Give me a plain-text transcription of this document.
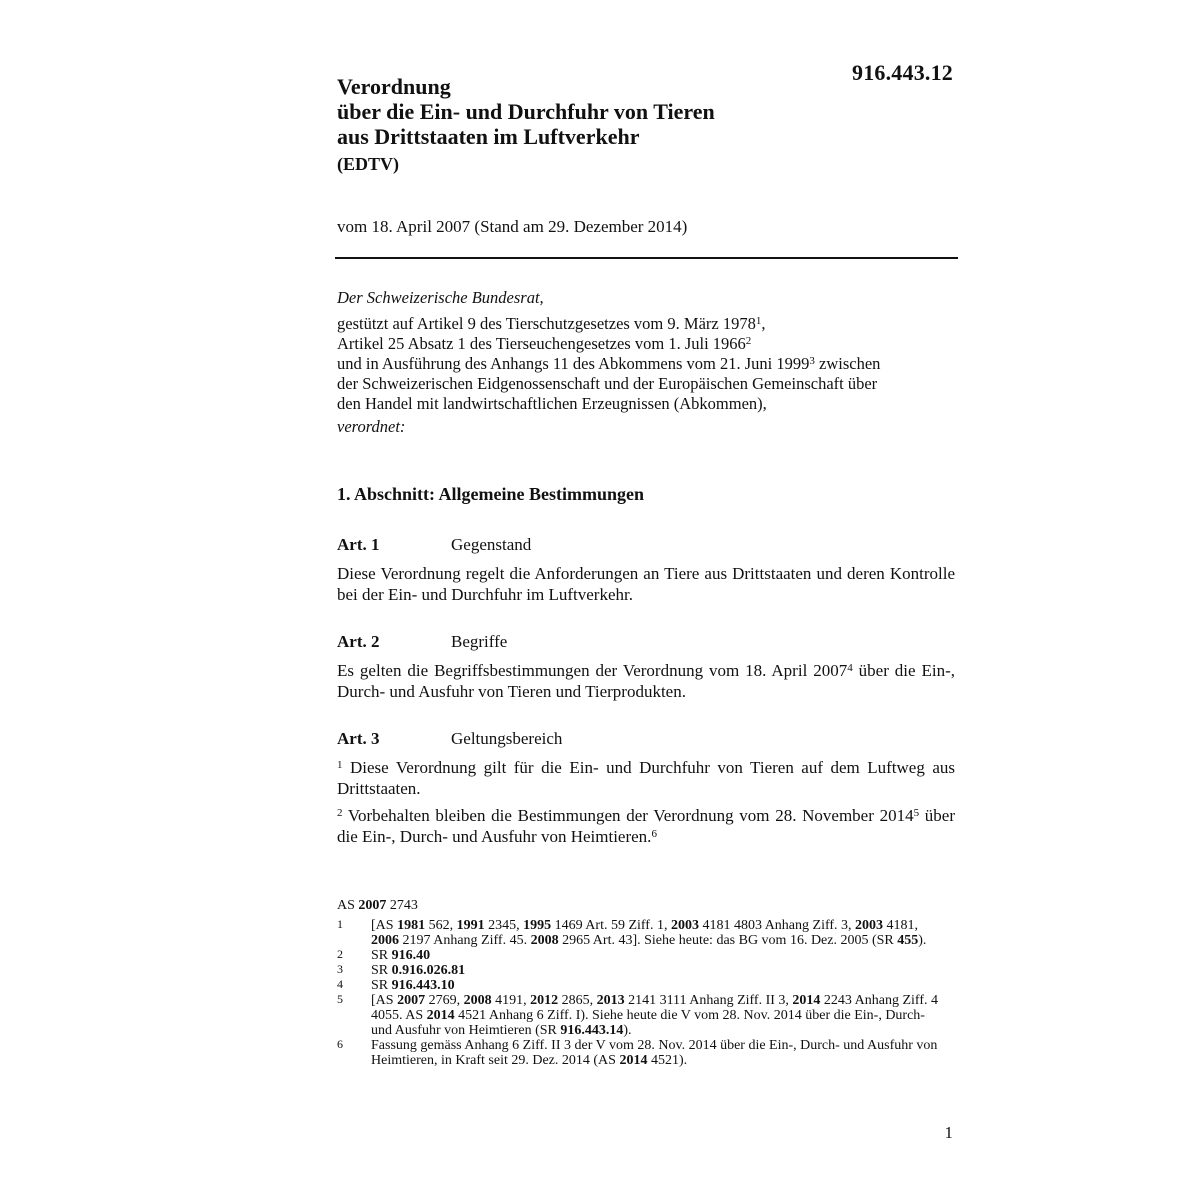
916.443.12
Verordnung
über die Ein- und Durchfuhr von Tieren
aus Drittstaaten im Luftverkehr
(EDTV)
vom 18. April 2007 (Stand am 29. Dezember 2014)
Der Schweizerische Bundesrat,
gestützt auf Artikel 9 des Tierschutzgesetzes vom 9. März 1978$^1$,
Artikel 25 Absatz 1 des Tierseuchengesetzes vom 1. Juli 1966$^2$
und in Ausführung des Anhangs 11 des Abkommens vom 21. Juni 1999$^3$ zwischen
der Schweizerischen Eidgenossenschaft und der Europäischen Gemeinschaft über
den Handel mit landwirtschaftlichen Erzeugnissen (Abkommen),
verordnet:
1. Abschnitt: Allgemeine Bestimmungen
Art. 1	Gegenstand
Diese Verordnung regelt die Anforderungen an Tiere aus Drittstaaten und deren Kontrolle bei der Ein- und Durchfuhr im Luftverkehr.
Art. 2	Begriffe
Es gelten die Begriffsbestimmungen der Verordnung vom 18. April 2007$^4$ über die Ein-, Durch- und Ausfuhr von Tieren und Tierprodukten.
Art. 3	Geltungsbereich
$^1$ Diese Verordnung gilt für die Ein- und Durchfuhr von Tieren auf dem Luftweg aus Drittstaaten.
$^2$ Vorbehalten bleiben die Bestimmungen der Verordnung vom 28. November 2014$^5$ über die Ein-, Durch- und Ausfuhr von Heimtieren.$^6$
AS 2007 2743
1	[AS 1981 562, 1991 2345, 1995 1469 Art. 59 Ziff. 1, 2003 4181 4803 Anhang Ziff. 3, 2003 4181, 2006 2197 Anhang Ziff. 45. 2008 2965 Art. 43]. Siehe heute: das BG vom 16. Dez. 2005 (SR 455).
2	SR 916.40
3	SR 0.916.026.81
4	SR 916.443.10
5	[AS 2007 2769, 2008 4191, 2012 2865, 2013 2141 3111 Anhang Ziff. II 3, 2014 2243 Anhang Ziff. 4 4055. AS 2014 4521 Anhang 6 Ziff. I). Siehe heute die V vom 28. Nov. 2014 über die Ein-, Durch- und Ausfuhr von Heimtieren (SR 916.443.14).
6	Fassung gemäss Anhang 6 Ziff. II 3 der V vom 28. Nov. 2014 über die Ein-, Durch- und Ausfuhr von Heimtieren, in Kraft seit 29. Dez. 2014 (AS 2014 4521).
1
